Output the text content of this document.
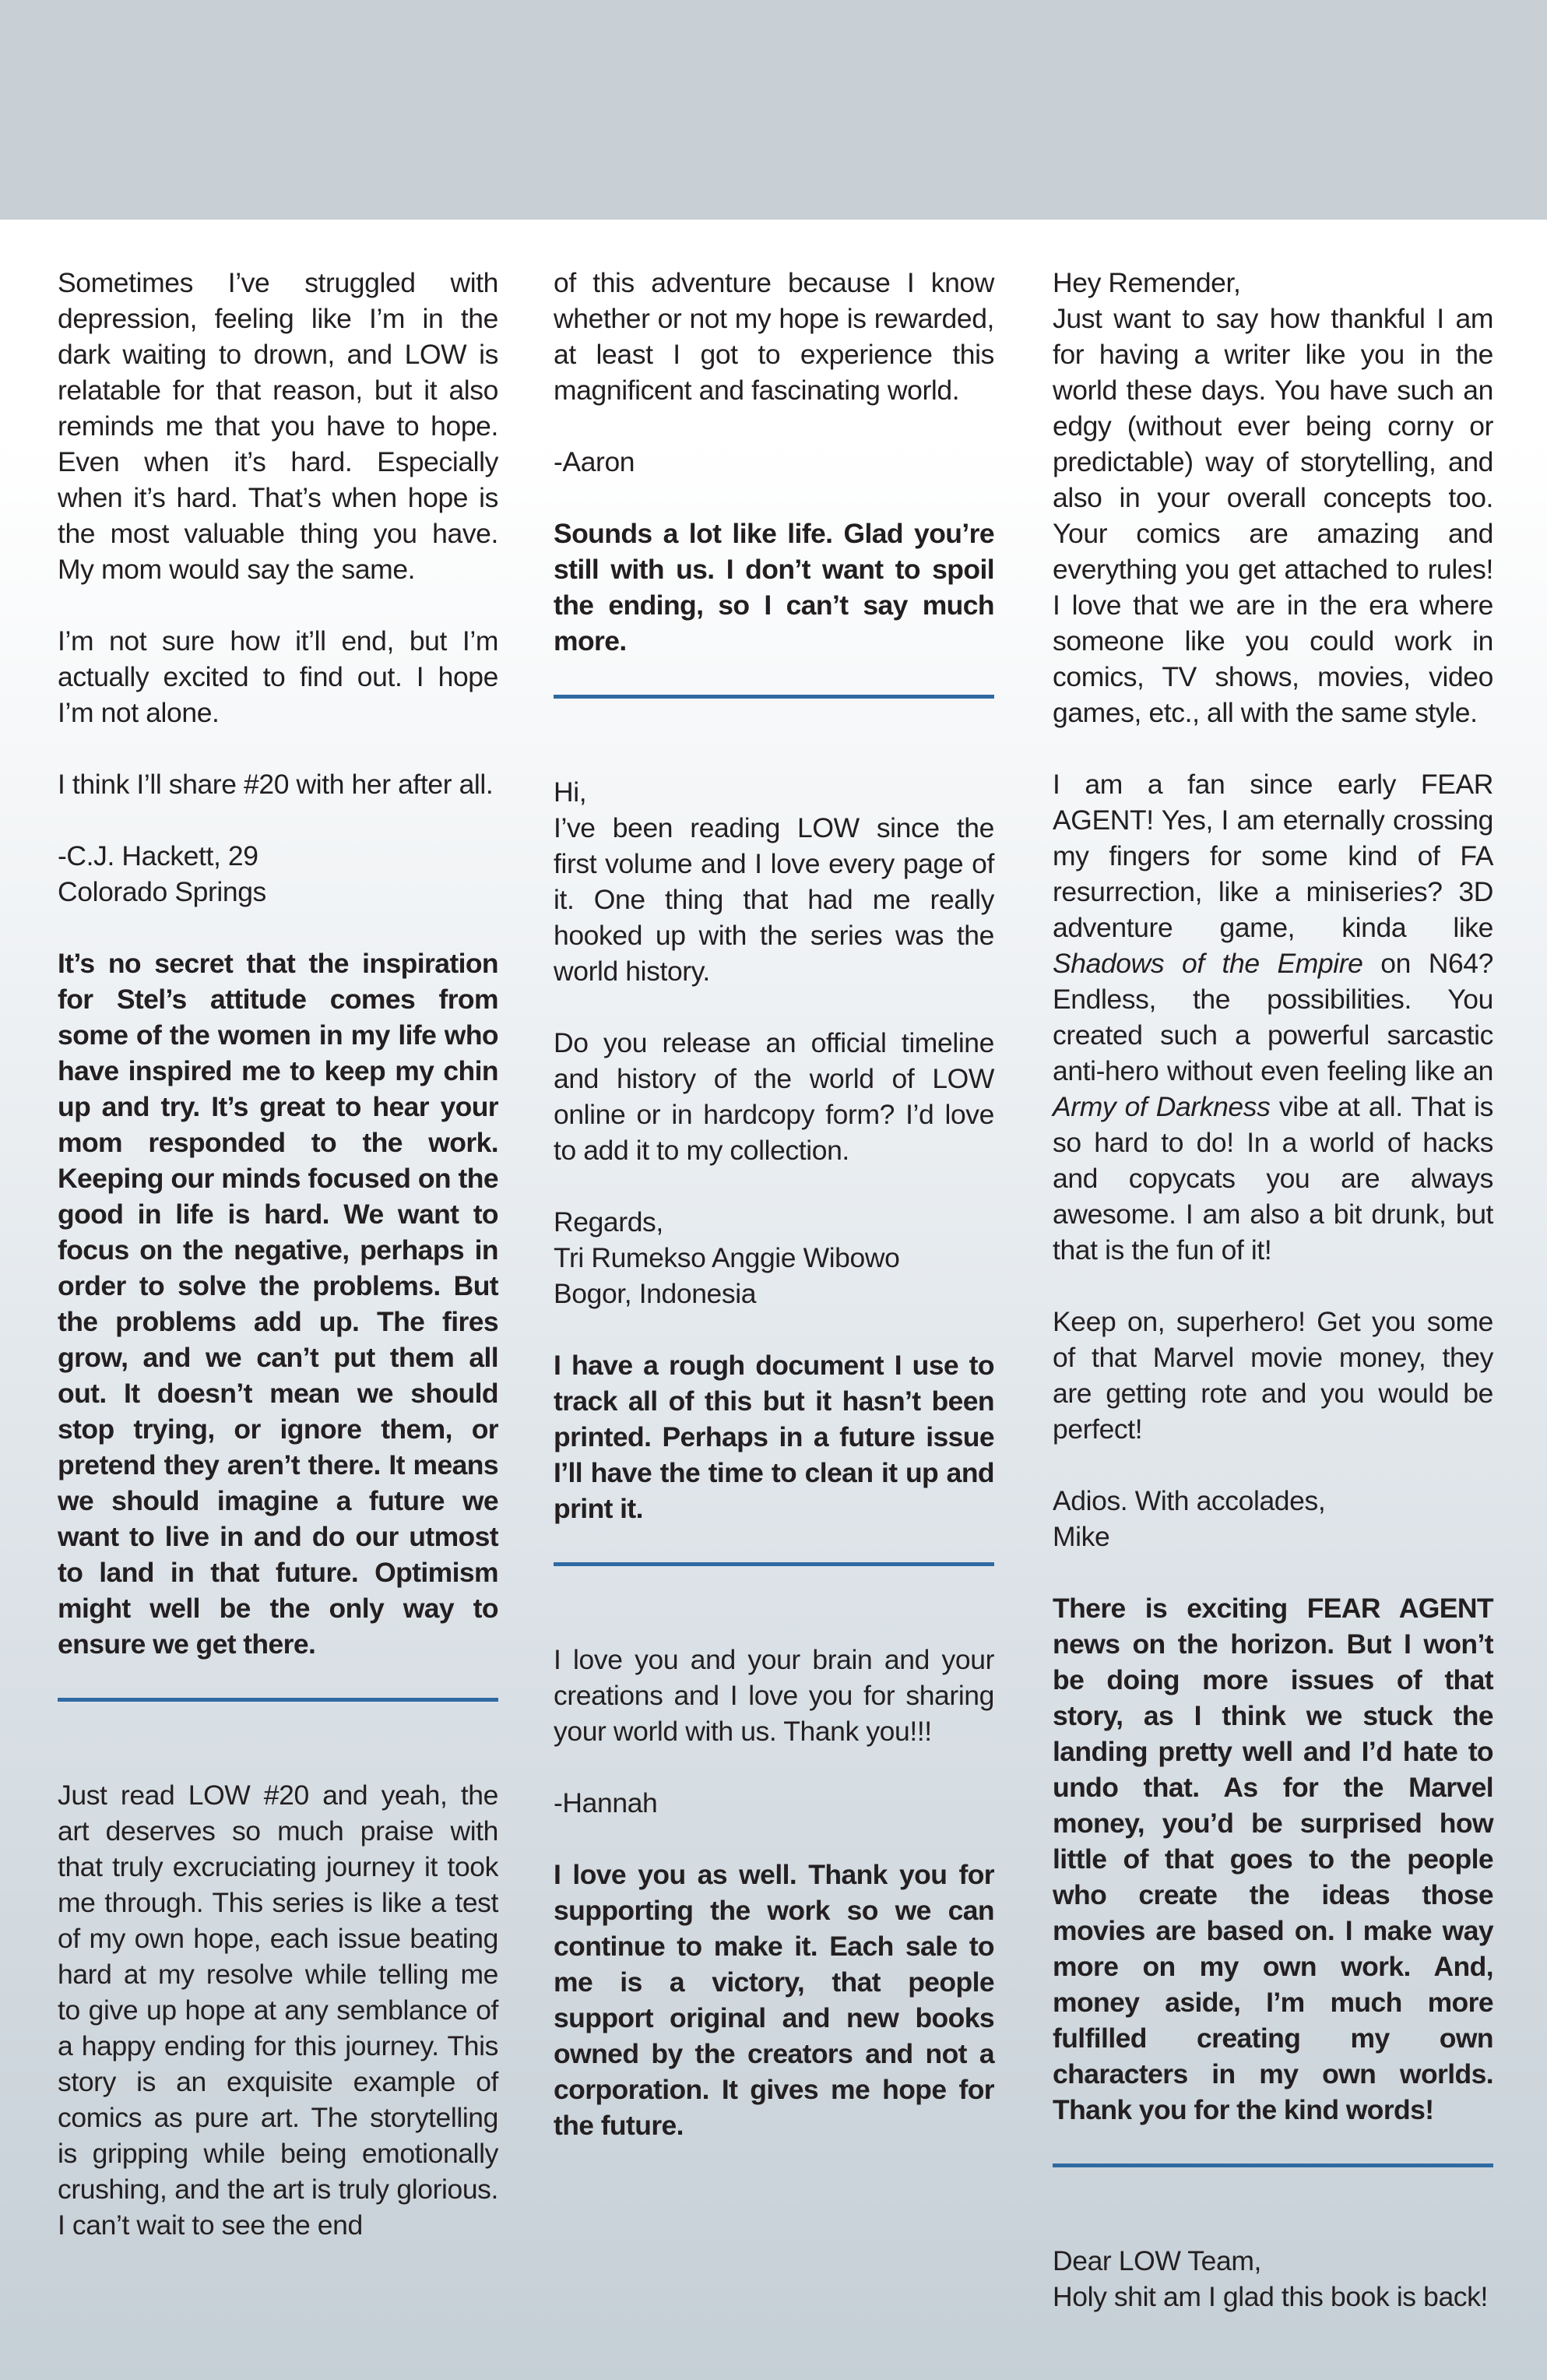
Sometimes I’ve struggled with depression, feeling like I’m in the dark waiting to drown, and LOW is relatable for that reason, but it also reminds me that you have to hope. Even when it’s hard. Especially when it’s hard. That’s when hope is the most valuable thing you have. My mom would say the same.

I’m not sure how it’ll end, but I’m actually excited to find out. I hope I’m not alone.

I think I’ll share #20 with her after all.

-C.J. Hackett, 29

Colorado Springs

It’s no secret that the inspiration for Stel’s attitude comes from some of the women in my life who have inspired me to keep my chin up and try. It’s great to hear your mom responded to the work. Keeping our minds focused on the good in life is hard. We want to focus on the negative, perhaps in order to solve the problems. But the problems add up. The fires grow, and we can’t put them all out. It doesn’t mean we should stop trying, or ignore them, or pretend they aren’t there. It means we should imagine a future we want to live in and do our utmost to land in that future. Optimism might well be the only way to ensure we get there.

Just read LOW #20 and yeah, the art deserves so much praise with that truly excruciating journey it took me through. This series is like a test of my own hope, each issue beating hard at my resolve while telling me to give up hope at any semblance of a happy ending for this journey. This story is an exquisite example of comics as pure art. The storytelling is gripping while being emotionally crushing, and the art is truly glorious. I can’t wait to see the end

of this adventure because I know whether or not my hope is rewarded, at least I got to experience this magnificent and fascinating world.

-Aaron

Sounds a lot like life. Glad you’re still with us. I don’t want to spoil the ending, so I can’t say much more.

Hi,

I’ve been reading LOW since the first volume and I love every page of it. One thing that had me really hooked up with the series was the world history.

Do you release an official timeline and history of the world of LOW online or in hardcopy form? I’d love to add it to my collection.

Regards,

Tri Rumekso Anggie Wibowo

Bogor, Indonesia

I have a rough document I use to track all of this but it hasn’t been printed. Perhaps in a future issue I’ll have the time to clean it up and print it.

I love you and your brain and your creations and I love you for sharing your world with us. Thank you!!!

-Hannah

I love you as well. Thank you for supporting the work so we can continue to make it. Each sale to me is a victory, that people support original and new books owned by the creators and not a corporation. It gives me hope for the future.

Hey Remender,

Just want to say how thankful I am for having a writer like you in the world these days. You have such an edgy (without ever being corny or predictable) way of storytelling, and also in your overall concepts too. Your comics are amazing and everything you get attached to rules! I love that we are in the era where someone like you could work in comics, TV shows, movies, video games, etc., all with the same style.

I am a fan since early FEAR AGENT! Yes, I am eternally crossing my fingers for some kind of FA resurrection, like a miniseries? 3D adventure game, kinda like Shadows of the Empire on N64? Endless, the possibilities. You created such a powerful sarcastic anti-hero without even feeling like an Army of Darkness vibe at all. That is so hard to do! In a world of hacks and copycats you are always awesome. I am also a bit drunk, but that is the fun of it!

Keep on, superhero! Get you some of that Marvel movie money, they are getting rote and you would be perfect!

Adios. With accolades,

Mike

There is exciting FEAR AGENT news on the horizon. But I won’t be doing more issues of that story, as I think we stuck the landing pretty well and I’d hate to undo that. As for the Marvel money, you’d be surprised how little of that goes to the people who create the ideas those movies are based on. I make way more on my own work. And, money aside, I’m much more fulfilled creating my own characters in my own worlds. Thank you for the kind words!

Dear LOW Team,

Holy shit am I glad this book is back!
